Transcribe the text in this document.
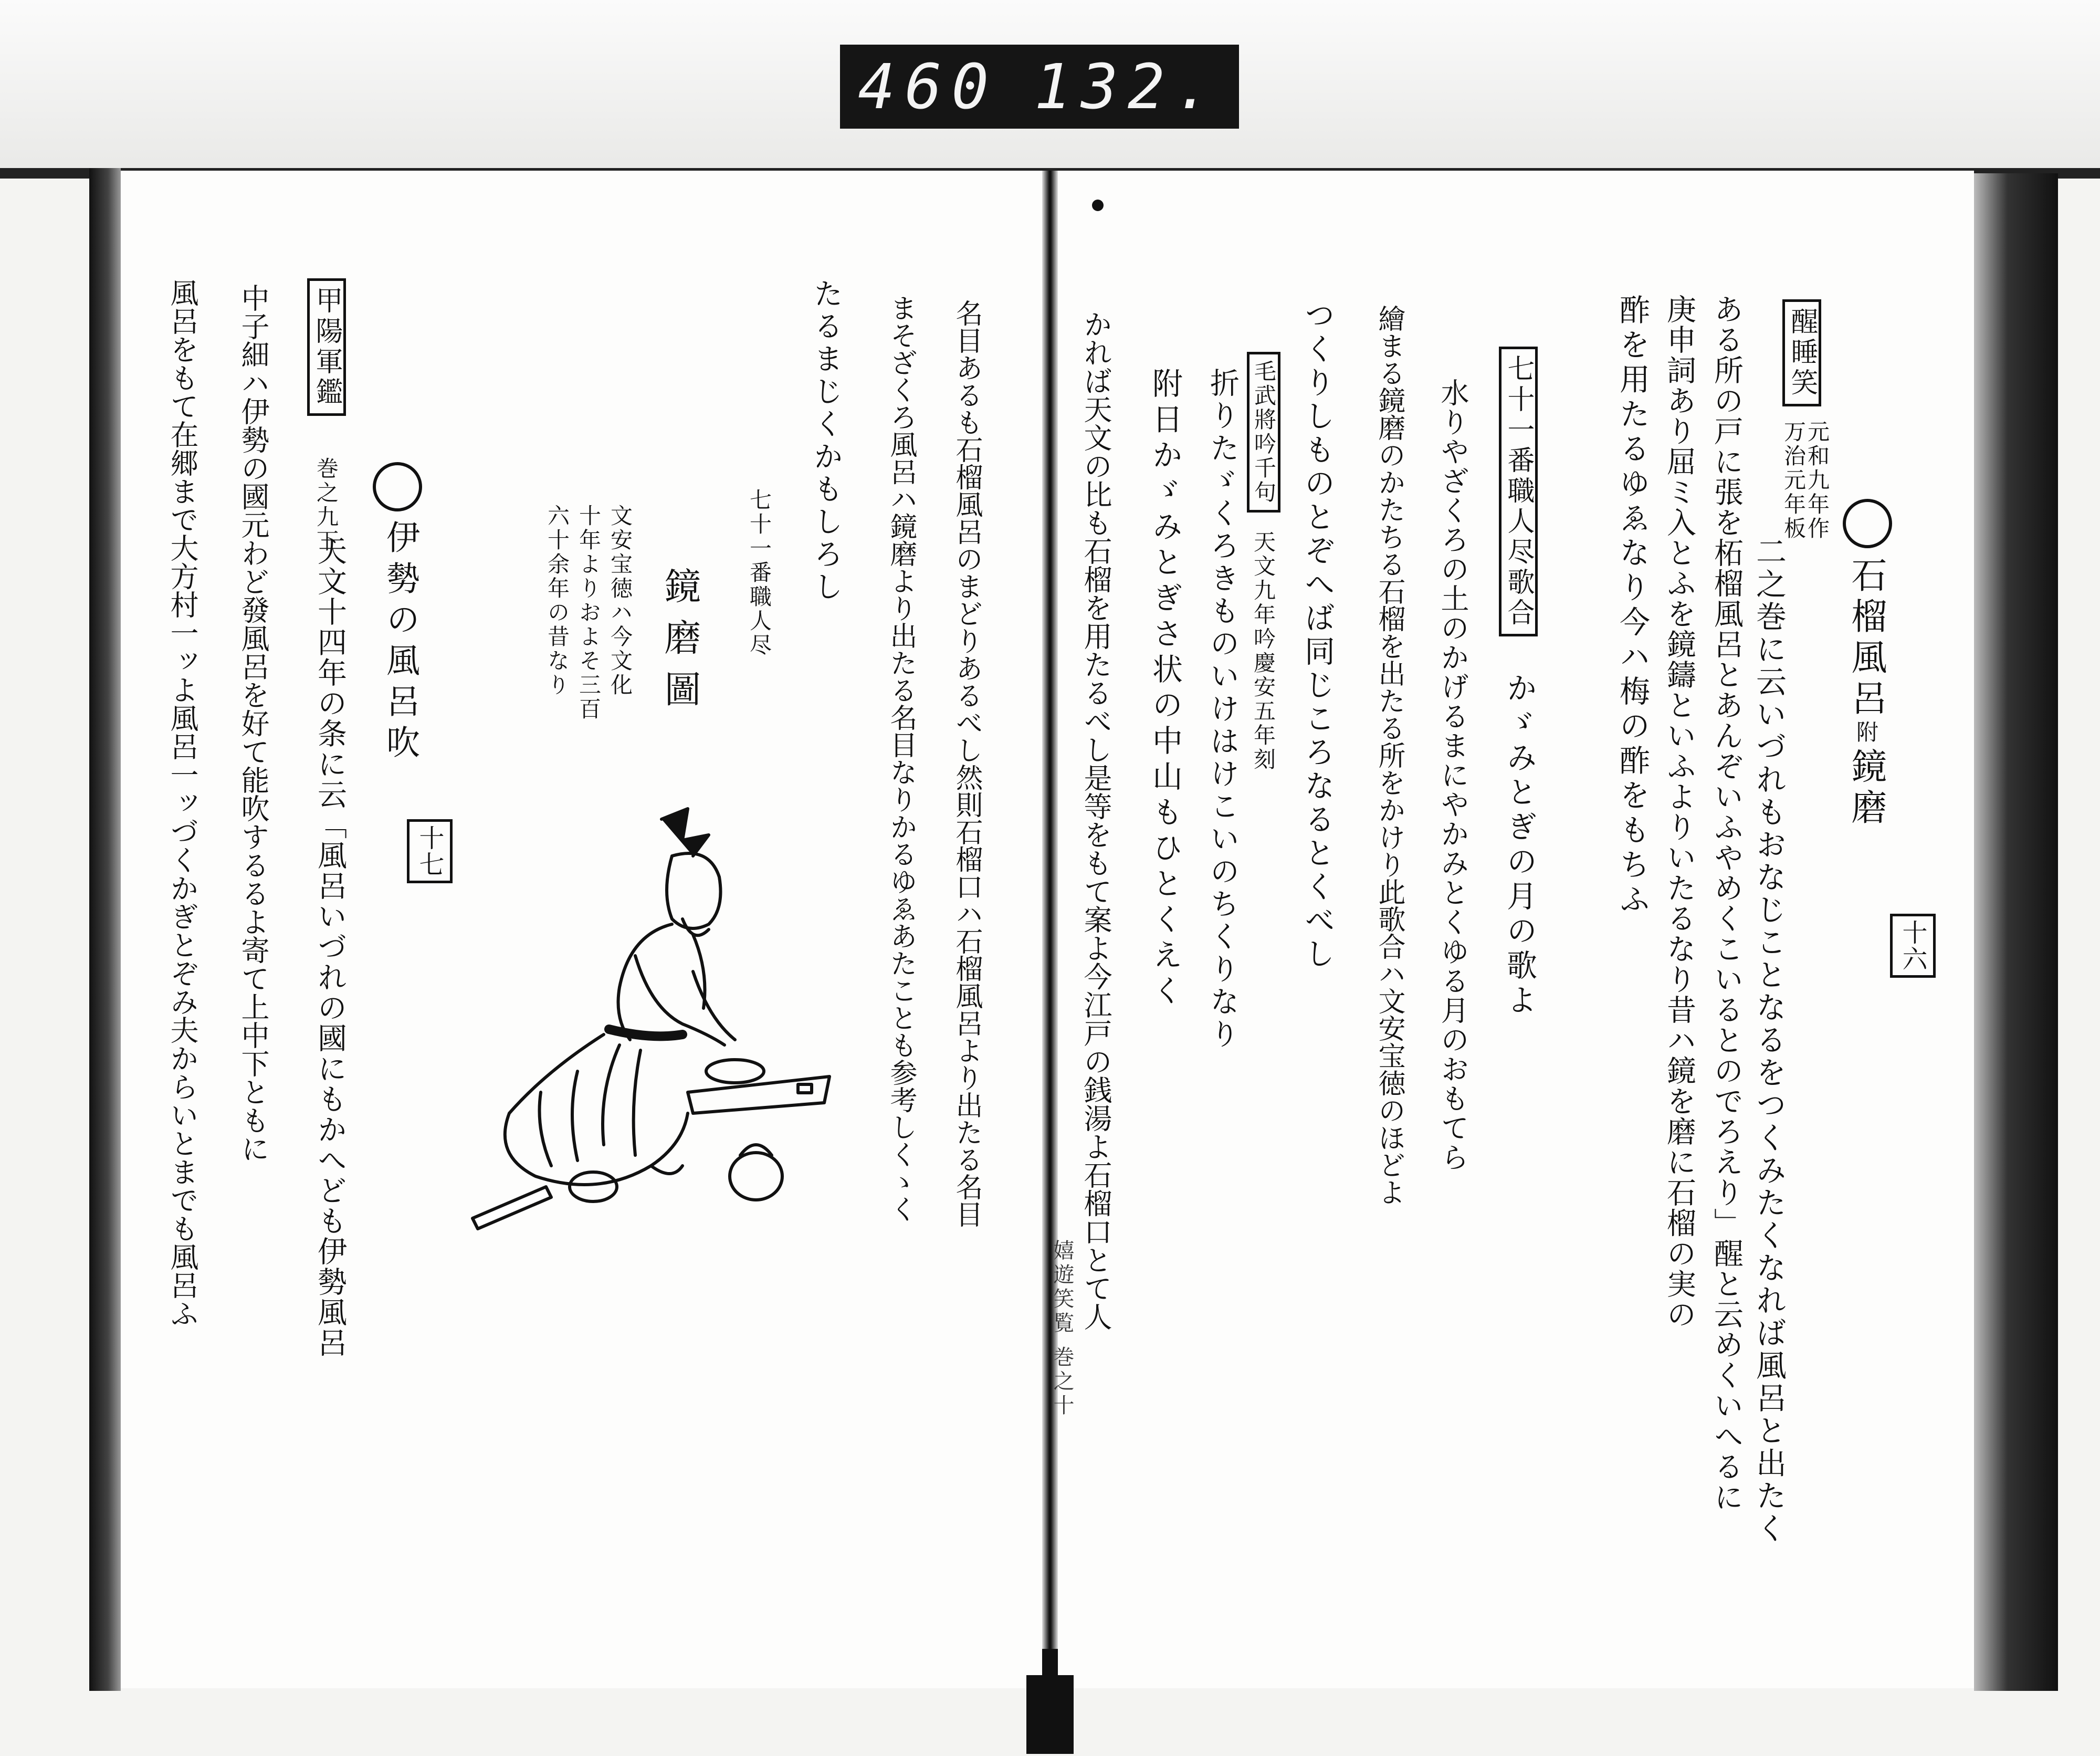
460 132.
石榴風呂附鏡磨
十六
醒睡笑
元和九年作
万治元年板
二之巻に云いづれもおなじことなるをつくみたくなれば風呂と出たく
ある所の戸に張を柘榴風呂とあんぞいふやめくこいるとのでろえり」醒と云めくいへるに
庚申詞あり屈ミ入とふを鏡鑄といふよりいたるなり昔ハ鏡を磨に石榴の実の
酢を用たるゆゑなり今ハ梅の酢をもちふ
七十一番職人尽歌合
かゞみとぎの月の歌よ
水りやざくろの土のかげるまにやかみとくゆる月のおもてら
繪まる鏡磨のかたちる石榴を出たる所をかけり此歌合ハ文安宝徳のほどよ
つくりしものとぞへば同じころなるとくべし
毛武將吟千句
天文九年吟慶安五年刻
折りたゞくろきものいけはけこいのちくりなり
附日かゞみとぎさ状の中山もひとくえく
かれば天文の比も石榴を用たるべし是等をもて案よ今江戸の銭湯よ石榴口とて人
嬉遊笑覧 巻之十
名目あるも石榴風呂のまどりあるべし然則石榴口ハ石榴風呂より出たる名目
まそざくろ風呂ハ鏡磨より出たる名目なりかるゆゑあたことも参考しくゝく
たるまじくかもしろし
七十一番職人尽
鏡磨圖
文安宝徳ハ今文化
十年よりおよそ三百
六十余年の昔なり
伊勢の風呂吹
十七
甲陽軍鑑
巻之九下
天文十四年の条に云「風呂いづれの國にもかへども伊勢風呂
中子細ハ伊勢の國元わど發風呂を好て能吹するるよ寄て上中下ともに
風呂をもて在郷まで大方村一ッよ風呂一ッづくかぎとぞみ夫からいとまでも風呂ふ
